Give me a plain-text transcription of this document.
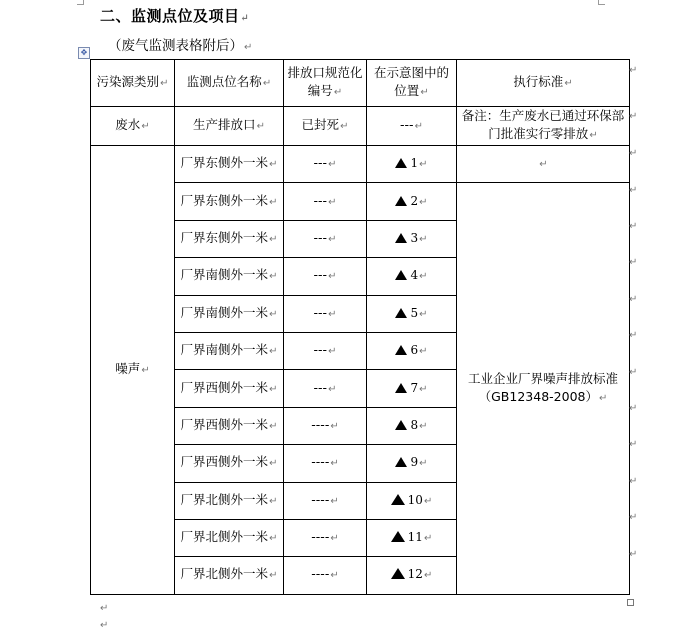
二、监测点位及项目↵
（废气监测表格附后）↵
✥
污染源类别↵	监测点位名称↵	排放口规范化编号↵	在示意图中的位置↵	执行标准↵
废水↵	生产排放口↵	已封死↵	---↵	备注：生产废水已通过环保部门批准实行零排放↵
噪声↵	厂界东侧外一米↵	---↵	1↵	↵
	厂界东侧外一米↵	---↵	2↵	工业企业厂界噪声排放标准（GB12348-2008）↵
	厂界东侧外一米↵	---↵	3↵	
	厂界南侧外一米↵	---↵	4↵	
	厂界南侧外一米↵	---↵	5↵	
	厂界南侧外一米↵	---↵	6↵	
	厂界西侧外一米↵	---↵	7↵	
	厂界西侧外一米↵	----↵	8↵	
	厂界西侧外一米↵	----↵	9↵	
	厂界北侧外一米↵	----↵	10↵	
	厂界北侧外一米↵	----↵	11↵	
	厂界北侧外一米↵	----↵	12↵	
↵
↵
↵
↵
↵
↵
↵
↵
↵
↵
↵
↵
↵
↵
↵
↵
